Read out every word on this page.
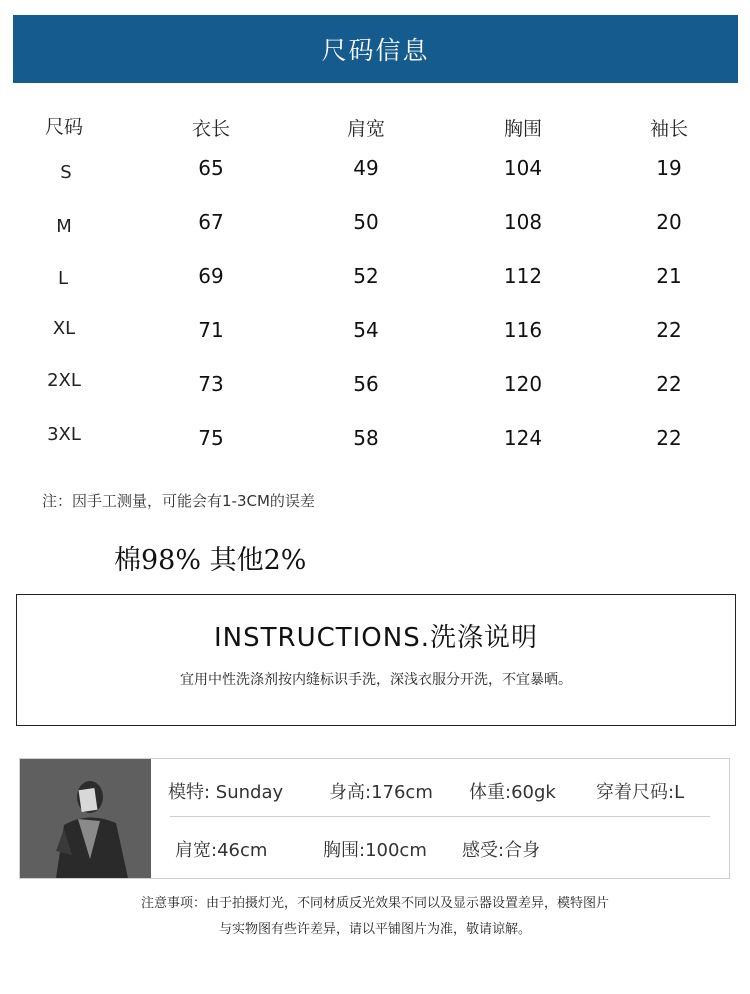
尺码信息
尺码	衣长	肩宽	胸围	袖长
S	65	49	104	19
M	67	50	108	20
L	69	52	112	21
XL	71	54	116	22
2XL	73	56	120	22
3XL	75	58	124	22
注：因手工测量，可能会有1-3CM的误差
棉98% 其他2%
INSTRUCTIONS.洗涤说明
宜用中性洗涤剂按内缝标识手洗，深浅衣服分开洗，不宜暴晒。
模特: Sunday	身高:176cm 体重:60gk 穿着尺码:L
肩宽:46cm	胸围:100cm 感受:合身
注意事项：由于拍摄灯光，不同材质反光效果不同以及显示器设置差异，模特图片
与实物图有些许差异，请以平铺图片为准，敬请谅解。
